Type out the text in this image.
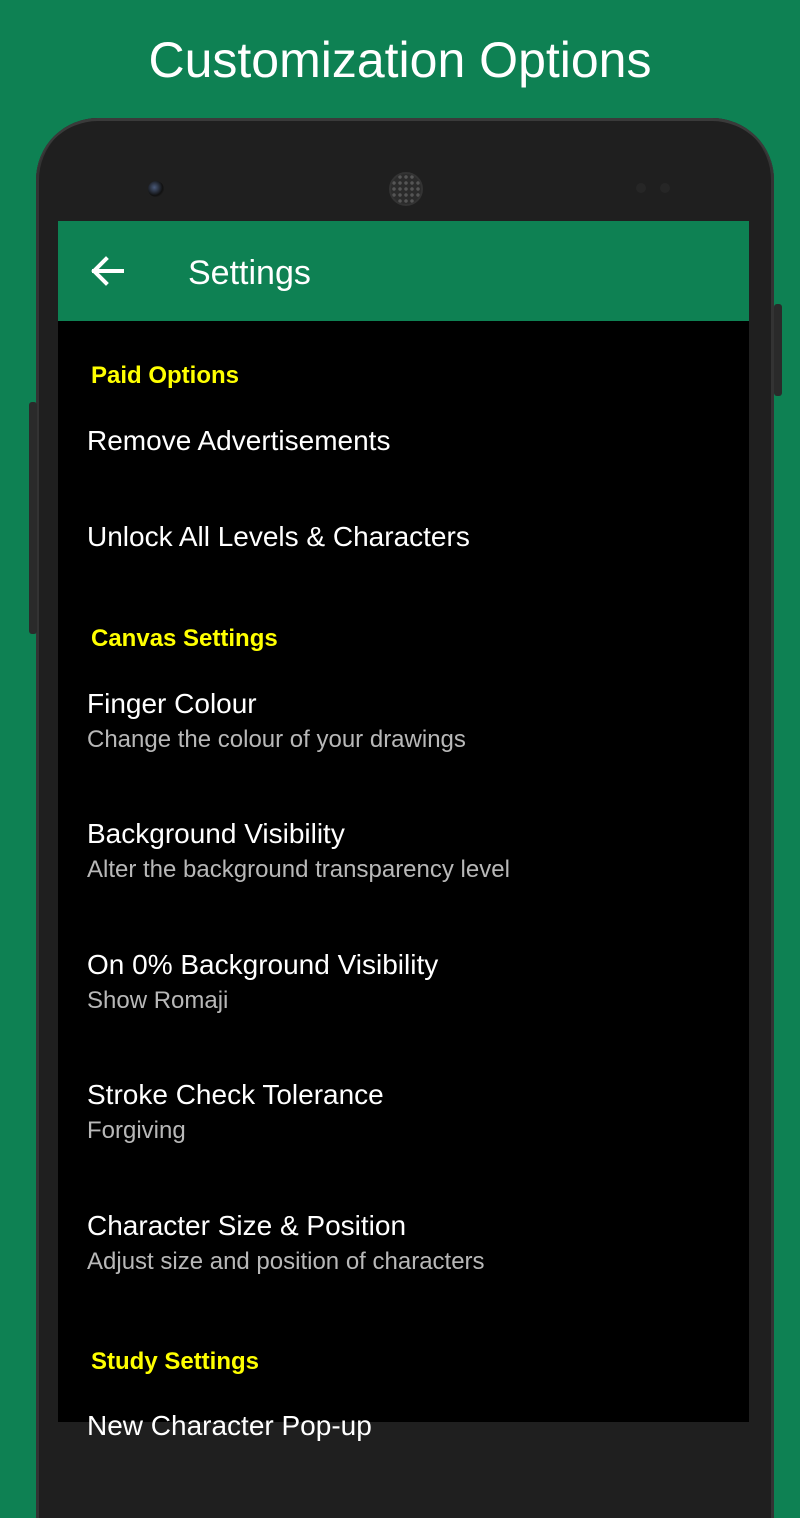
Customization Options
Settings
Paid Options
Remove Advertisements
Unlock All Levels & Characters
Canvas Settings
Finger Colour
Change the colour of your drawings
Background Visibility
Alter the background transparency level
On 0% Background Visibility
Show Romaji
Stroke Check Tolerance
Forgiving
Character Size & Position
Adjust size and position of characters
Study Settings
New Character Pop-up
